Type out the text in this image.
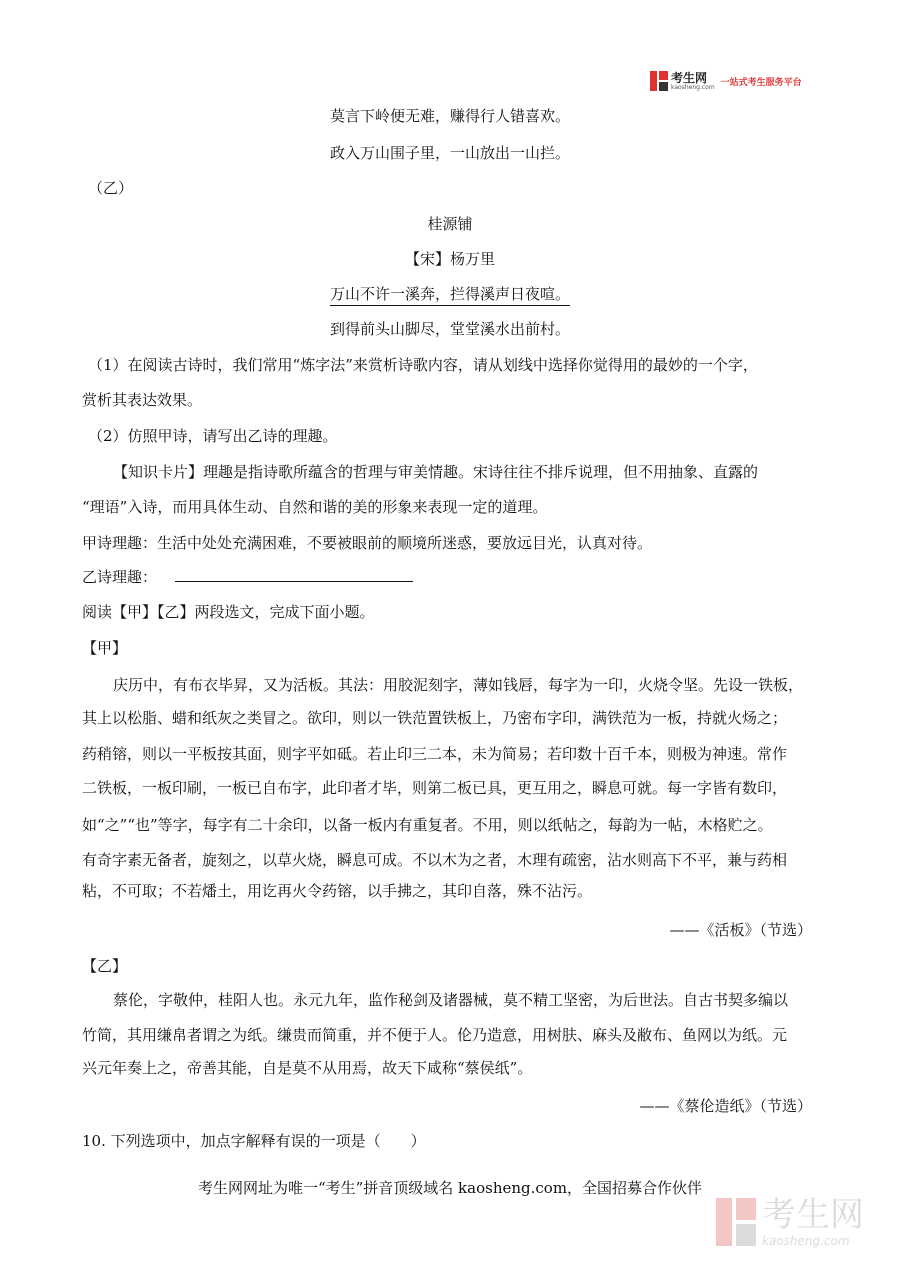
考生网
kaosheng.com 一站式考生服务平台
莫言下岭便无难，赚得行人错喜欢。
政入万山围子里，一山放出一山拦。
（乙）
桂源铺
【宋】杨万里
万山不许一溪奔，拦得溪声日夜喧。
到得前头山脚尽，堂堂溪水出前村。
（1）在阅读古诗时，我们常用“炼字法”来赏析诗歌内容，请从划线中选择你觉得用的最妙的一个字，
赏析其表达效果。
（2）仿照甲诗，请写出乙诗的理趣。
【知识卡片】理趣是指诗歌所蕴含的哲理与审美情趣。宋诗往往不排斥说理，但不用抽象、直露的
“理语”入诗，而用具体生动、自然和谐的美的形象来表现一定的道理。
甲诗理趣：生活中处处充满困难，不要被眼前的顺境所迷惑，要放远目光，认真对待。
乙诗理趣：
阅读【甲】【乙】两段选文，完成下面小题。
【甲】
庆历中，有布衣毕昇，又为活板。其法：用胶泥刻字，薄如钱唇，每字为一印，火烧令坚。先设一铁板，
其上以松脂、蜡和纸灰之类冒之。欲印，则以一铁范置铁板上，乃密布字印，满铁范为一板，持就火炀之；
药稍镕，则以一平板按其面，则字平如砥。若止印三二本，未为简易；若印数十百千本，则极为神速。常作
二铁板，一板印刷，一板已自布字，此印者才毕，则第二板已具，更互用之，瞬息可就。每一字皆有数印，
如“之”“也”等字，每字有二十余印，以备一板内有重复者。不用，则以纸帖之，每韵为一帖，木格贮之。
有奇字素无备者，旋刻之，以草火烧，瞬息可成。不以木为之者，木理有疏密，沾水则高下不平，兼与药相
粘，不可取；不若燔土，用讫再火令药镕，以手拂之，其印自落，殊不沾污。
——《活板》（节选）
【乙】
蔡伦，字敬仲，桂阳人也。永元九年，监作秘剑及诸器械，莫不精工坚密，为后世法。自古书契多编以
竹简，其用缣帛者谓之为纸。缣贵而简重，并不便于人。伦乃造意，用树肤、麻头及敝布、鱼网以为纸。元
兴元年奏上之，帝善其能，自是莫不从用焉，故天下咸称“蔡侯纸”。
——《蔡伦造纸》（节选）
10. 下列选项中，加点字解释有误的一项是（　　）
考生网网址为唯一“考生”拼音顶级域名 kaosheng.com，全国招募合作伙伴
考生网
kaosheng.com
